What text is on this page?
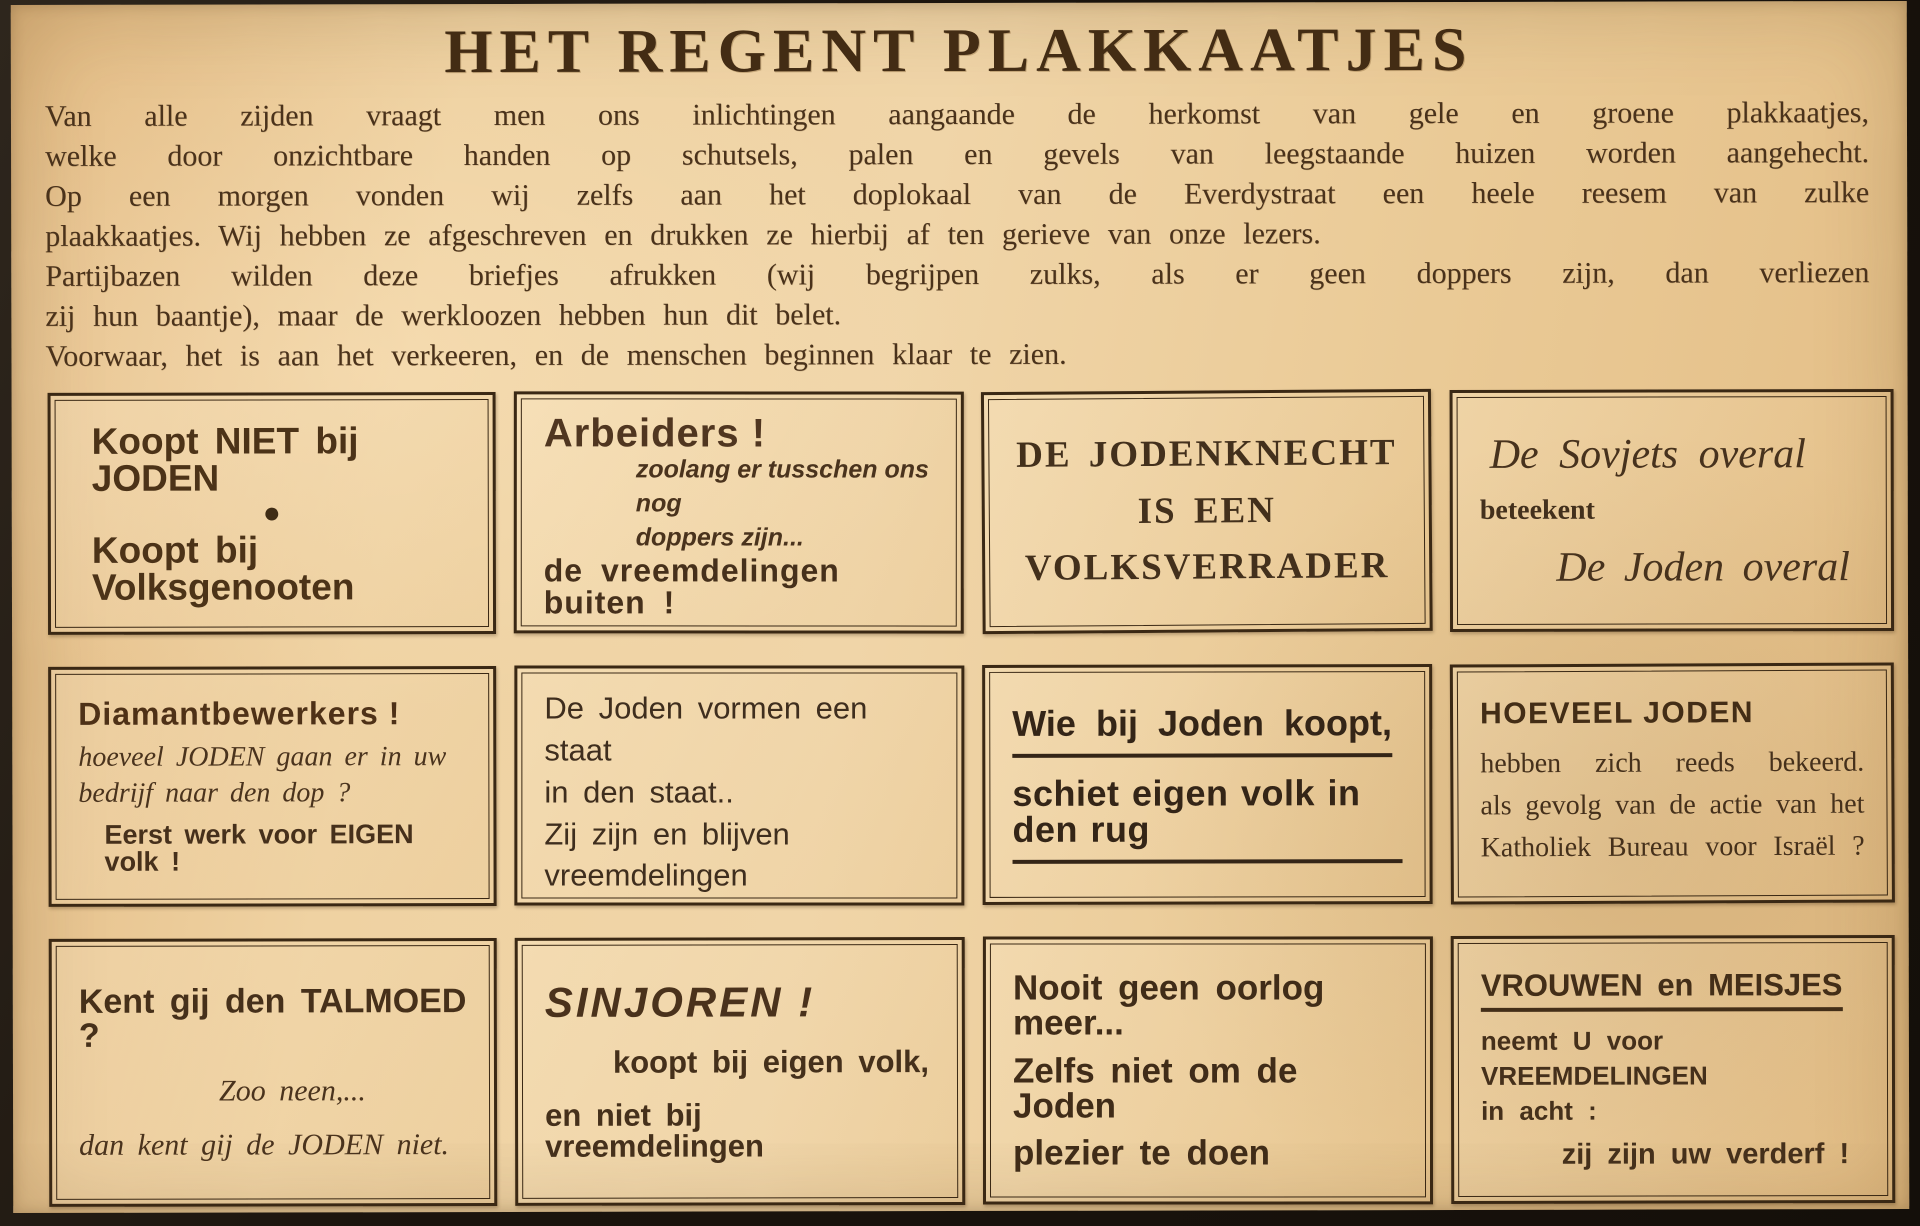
HET REGENT PLAKKAATJES
Van alle zijden vraagt men ons inlichtingen aangaande de herkomst van gele en groene plakkaatjes,
welke door onzichtbare handen op schutsels, palen en gevels van leegstaande huizen worden aangehecht.
Op een morgen vonden wij zelfs aan het doplokaal van de Everdystraat een heele reesem van zulke
plaakkaatjes. Wij hebben ze afgeschreven en drukken ze hierbij af ten gerieve van onze lezers.
Partijbazen wilden deze briefjes afrukken (wij begrijpen zulks, als er geen doppers zijn, dan verliezen
zij hun baantje), maar de werkloozen hebben hun dit belet.
Voorwaar, het is aan het verkeeren, en de menschen beginnen klaar te zien.
Koopt NIET bij JODEN
●
Koopt bij Volksgenooten
Arbeiders !
zoolang er tusschen ons nog
doppers zijn...
de vreemdelingen buiten !
DE JODENKNECHT
IS EEN
VOLKSVERRADER
De Sovjets overal
beteekent
De Joden overal
Diamantbewerkers !
hoeveel JODEN gaan er in uw
bedrijf naar den dop ?
Eerst werk voor EIGEN volk !
De Joden vormen een staat
in den staat..
Zij zijn en blijven
vreemdelingen
Wie bij Joden koopt,
schiet eigen volk in den rug
HOEVEEL JODEN
hebben zich reeds bekeerd.
als gevolg van de actie van het
Katholiek Bureau voor Israël ?
Kent gij den TALMOED ?
Zoo neen,...
dan kent gij de JODEN niet.
SINJOREN !
koopt bij eigen volk,
en niet bij vreemdelingen
Nooit geen oorlog meer...
Zelfs niet om de Joden
plezier te doen
VROUWEN en MEISJES
neemt U voor VREEMDELINGEN
in acht :
zij zijn uw verderf !
